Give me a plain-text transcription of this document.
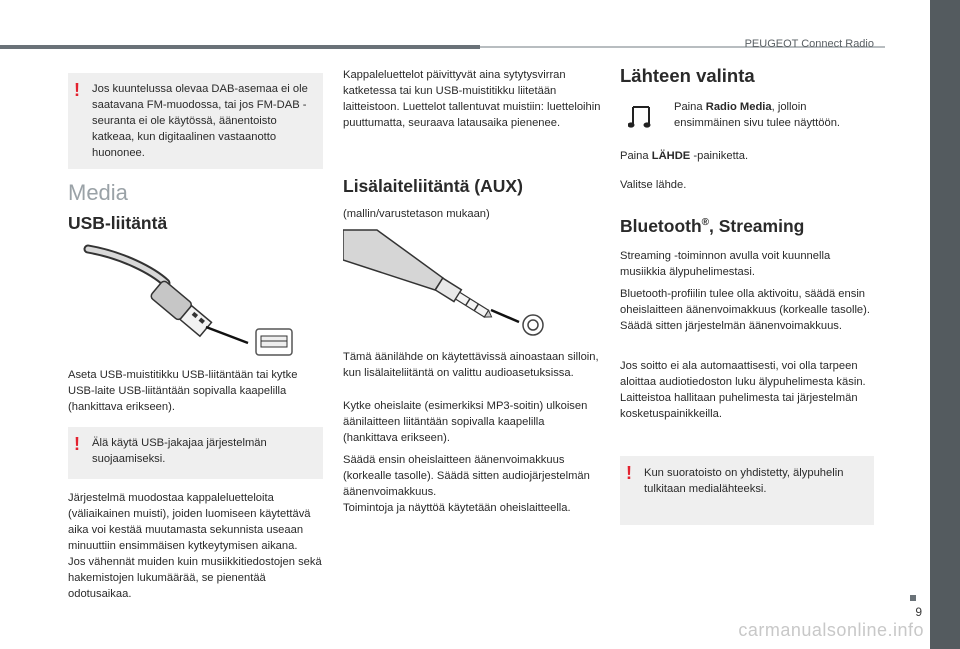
PEUGEOT Connect Radio
9
! Jos kuuntelussa olevaa DAB-asemaa ei ole saatavana FM-muodossa, tai jos FM-DAB -seuranta ei ole käytössä, äänentoisto katkeaa, kun digitaalinen vastaanotto huononee.
Media
USB-liitäntä
Aseta USB-muistitikku USB-liitäntään tai kytke USB-laite USB-liitäntään sopivalla kaapelilla (hankittava erikseen).
! Älä käytä USB-jakajaa järjestelmän suojaamiseksi.
Järjestelmä muodostaa kappaleluetteloita (väliaikainen muisti), joiden luomiseen käytettävä aika voi kestää muutamasta sekunnista useaan minuuttiin ensimmäisen kytkeytymisen aikana.
Jos vähennät muiden kuin musiikkitiedostojen sekä hakemistojen lukumäärää, se pienentää odotusaikaa.
Kappaleluettelot päivittyvät aina sytytysvirran katketessa tai kun USB-muistitikku liitetään laitteistoon. Luettelot tallentuvat muistiin: luetteloihin puuttumatta, seuraava latausaika pienenee.
Lisälaiteliitäntä (AUX)
(mallin/varustetason mukaan)
Tämä äänilähde on käytettävissä ainoastaan silloin, kun lisälaiteliitäntä on valittu audioasetuksissa.
Kytke oheislaite (esimerkiksi MP3-soitin) ulkoisen äänilaitteen liitäntään sopivalla kaapelilla (hankittava erikseen).
Säädä ensin oheislaitteen äänenvoimakkuus (korkealle tasolle). Säädä sitten audiojärjestelmän äänenvoimakkuus.
Toimintoja ja näyttöä käytetään oheislaitteella.
Lähteen valinta
Paina Radio Media, jolloin ensimmäinen sivu tulee näyttöön.
Paina LÄHDE -painiketta.
Valitse lähde.
Bluetooth®, Streaming
Streaming -toiminnon avulla voit kuunnella musiikkia älypuhelimestasi.
Bluetooth-profiilin tulee olla aktivoitu, säädä ensin oheislaitteen äänenvoimakkuus (korkealle tasolle).
Säädä sitten järjestelmän äänenvoimakkuus.
Jos soitto ei ala automaattisesti, voi olla tarpeen aloittaa audiotiedoston luku älypuhelimesta käsin.
Laitteistoa hallitaan puhelimesta tai järjestelmän kosketuspainikkeilla.
! Kun suoratoisto on yhdistetty, älypuhelin tulkitaan medialähteeksi.
carmanualsonline.info
